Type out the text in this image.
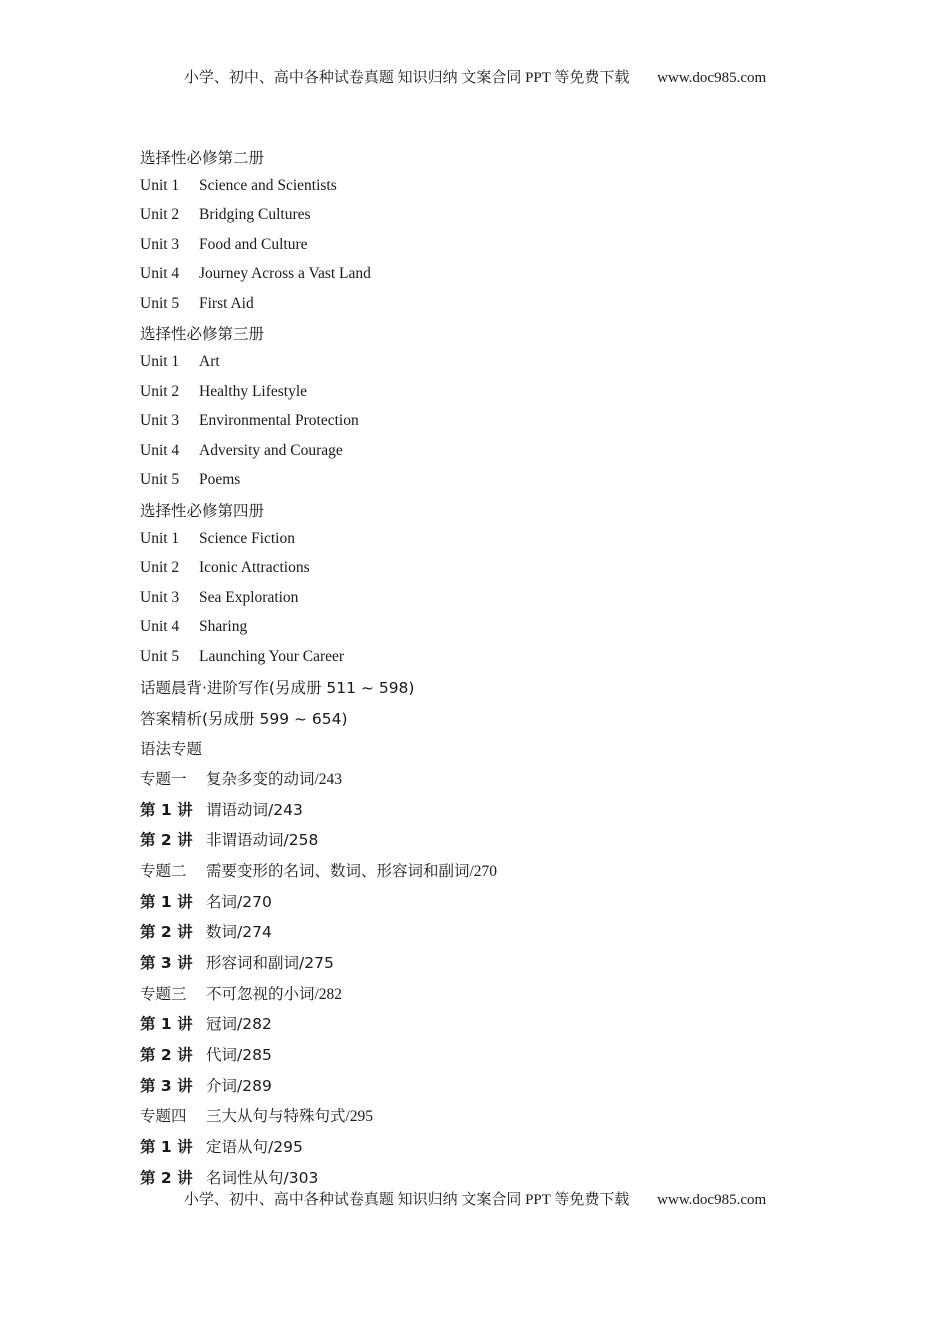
小学、初中、高中各种试卷真题 知识归纳 文案合同 PPT 等免费下载 www.doc985.com
选择性必修第二册
Unit 1	Science and Scientists
Unit 2	Bridging Cultures
Unit 3	Food and Culture
Unit 4	Journey Across a Vast Land
Unit 5	First Aid
选择性必修第三册
Unit 1	Art
Unit 2	Healthy Lifestyle
Unit 3	Environmental Protection
Unit 4	Adversity and Courage
Unit 5	Poems
选择性必修第四册
Unit 1	Science Fiction
Unit 2	Iconic Attractions
Unit 3	Sea Exploration
Unit 4	Sharing
Unit 5	Launching Your Career
话题晨背·进阶写作(另成册 511 ~ 598)
答案精析(另成册 599 ~ 654)
语法专题
专题一	复杂多变的动词/243
第 1 讲 谓语动词/243
第 2 讲 非谓语动词/258
专题二	需要变形的名词、数词、形容词和副词/270
第 1 讲 名词/270
第 2 讲 数词/274
第 3 讲 形容词和副词/275
专题三	不可忽视的小词/282
第 1 讲 冠词/282
第 2 讲 代词/285
第 3 讲 介词/289
专题四	三大从句与特殊句式/295
第 1 讲 定语从句/295
第 2 讲 名词性从句/303
小学、初中、高中各种试卷真题 知识归纳 文案合同 PPT 等免费下载 www.doc985.com
